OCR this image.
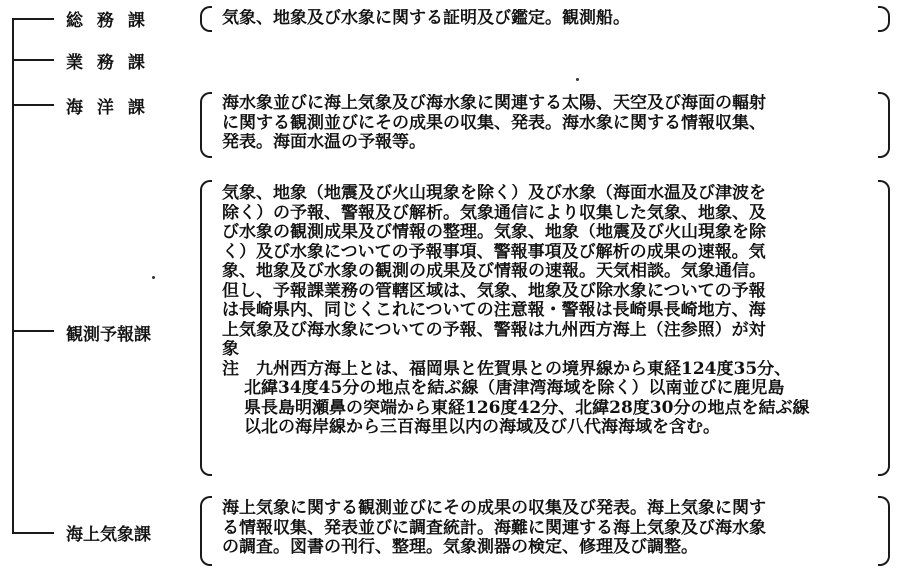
総 務 課	気象、地象及び水象に関する証明及び鑑定。観測船。
業 務 課
海 洋 課	海水象並びに海上気象及び海水象に関連する太陽、天空及び海面の輻射
に関する観測並びにその成果の収集、発表。海水象に関する情報収集、
発表。海面水温の予報等。
観測予報課
気象、地象（地震及び火山現象を除く）及び水象（海面水温及び津波を
除く）の予報、警報及び解析。気象通信により収集した気象、地象、及
び水象の観測成果及び情報の整理。気象、地象（地震及び火山現象を除
く）及び水象についての予報事項、警報事項及び解析の成果の速報。気
象、地象及び水象の観測の成果及び情報の速報。天気相談。気象通信。
但し、予報課業務の管轄区域は、気象、地象及び除水象についての予報
は長崎県内、同じくこれについての注意報・警報は長崎県長崎地方、海
上気象及び海水象についての予報、警報は九州西方海上（注参照）が対
象
注　 九州西方海上とは、福岡県と佐賀県との境界線から東経124度35分、
北緯34度45分の地点を結ぶ線（唐津湾海域を除く）以南並びに鹿児島
県長島明瀬鼻の突端から東経126度42分、北緯28度30分の地点を結ぶ線
以北の海岸線から三百海里以内の海域及び八代海海域を含む。
海上気象課
海上気象に関する観測並びにその成果の収集及び発表。海上気象に関す
る情報収集、発表並びに調査統計。海難に関連する海上気象及び海水象
の調査。図書の刊行、整理。気象測器の検定、修理及び調整。
